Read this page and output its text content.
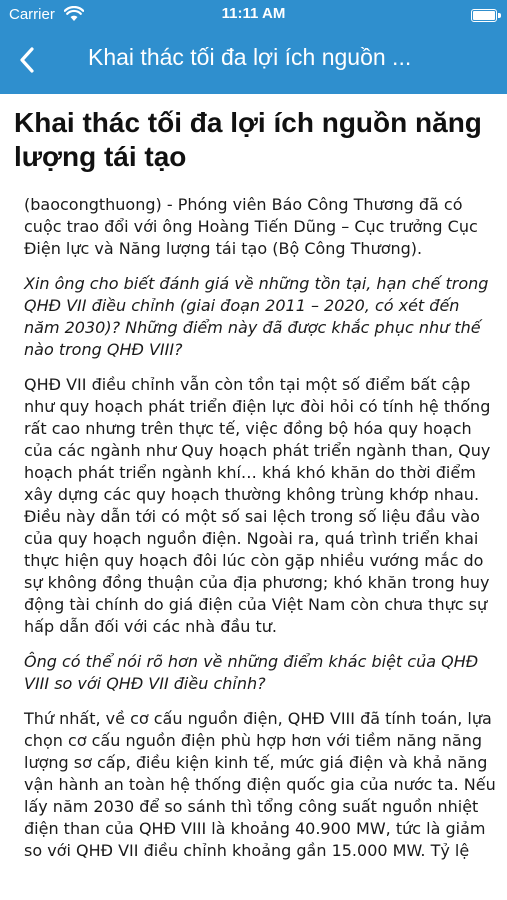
Carrier	11:11 AM
Khai thác tối đa lợi ích nguồn ...
Khai thác tối đa lợi ích nguồn năng lượng tái tạo

(baocongthuong) - Phóng viên Báo Công Thương đã có cuộc trao đổi với ông Hoàng Tiến Dũng – Cục trưởng Cục Điện lực và Năng lượng tái tạo (Bộ Công Thương).

Xin ông cho biết đánh giá về những tồn tại, hạn chế trong QHĐ VII điều chỉnh (giai đoạn 2011 – 2020, có xét đến năm 2030)? Những điểm này đã được khắc phục như thế nào trong QHĐ VIII?

QHĐ VII điều chỉnh vẫn còn tồn tại một số điểm bất cập như quy hoạch phát triển điện lực đòi hỏi có tính hệ thống rất cao nhưng trên thực tế, việc đồng bộ hóa quy hoạch của các ngành như Quy hoạch phát triển ngành than, Quy hoạch phát triển ngành khí… khá khó khăn do thời điểm xây dựng các quy hoạch thường không trùng khớp nhau. Điều này dẫn tới có một số sai lệch trong số liệu đầu vào của quy hoạch nguồn điện. Ngoài ra, quá trình triển khai thực hiện quy hoạch đôi lúc còn gặp nhiều vướng mắc do sự không đồng thuận của địa phương; khó khăn trong huy động tài chính do giá điện của Việt Nam còn chưa thực sự hấp dẫn đối với các nhà đầu tư.

Ông có thể nói rõ hơn về những điểm khác biệt của QHĐ VIII so với QHĐ VII điều chỉnh?

Thứ nhất, về cơ cấu nguồn điện, QHĐ VIII đã tính toán, lựa chọn cơ cấu nguồn điện phù hợp hơn với tiềm năng năng lượng sơ cấp, điều kiện kinh tế, mức giá điện và khả năng vận hành an toàn hệ thống điện quốc gia của nước ta. Nếu lấy năm 2030 để so sánh thì tổng công suất nguồn nhiệt điện than của QHĐ VIII là khoảng 40.900 MW, tức là giảm so với QHĐ VII điều chỉnh khoảng gần 15.000 MW. Tỷ lệ
